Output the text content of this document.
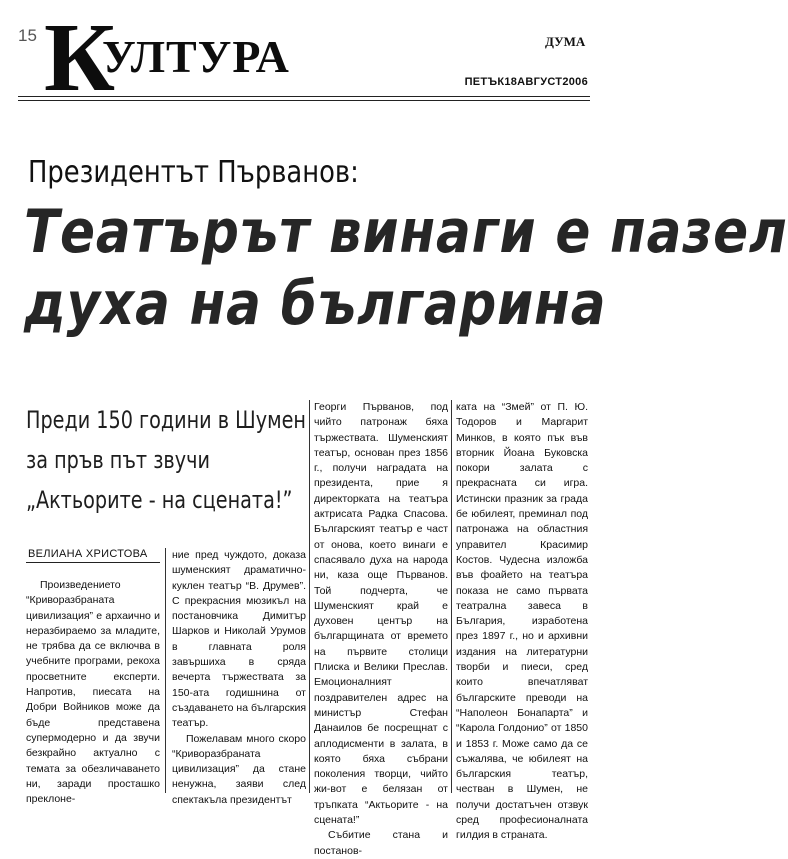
15 К
УЛТУРА	ДУМА
ПЕТЪК18АВГУСТ2006
Президентът Първанов:
Театърът винаги е пазел
духа на българина
Преди 150 години в Шумен
за пръв път звучи
„Актьорите - на сцената!”
ВЕЛИАНА ХРИСТОВА

Произведението “Криворазбраната цивилизация” е архаично и неразбираемо за младите, не трябва да се включва в учебните програми, рекоха просветните експерти. Напротив, пиесата на Добри Войников може да бъде представена супермодерно и да звучи безкрайно актуално с темата за обезличаването ни, заради просташко преклоне-

ние пред чуждото, доказа шуменският драматично-куклен театър “В. Друмев”. С прекрасния мюзикъл на постановчика Димитър Шарков и Николай Урумов в главната роля завършиха в сряда вечерта тържествата за 150-ата годишнина от създаването на българския театър.

Пожелавам много скоро “Криворазбраната цивилизация” да стане ненужна, заяви след спектакъла президентът

Георги Първанов, под чийто патронаж бяха тържествата. Шуменският театър, основан през 1856 г., получи наградата на президента, прие я директорката на театъра актрисата Радка Спасова. Българският театър е част от онова, което винаги е спасявало духа на народа ни, каза още Първанов. Той подчерта, че Шуменският край е духовен център на българщината от времето на първите столици Плиска и Велики Преслав. Емоционалният поздравителен адрес на министър Стефан Данаилов бе посрещнат с аплодисменти в залата, в която бяха събрани поколения творци, чийто жи-вот е белязан от тръпката “Актьорите - на сцената!”

Събитие стана и постанов-

ката на “Змей” от П. Ю. Тодоров и Маргарит Минков, в която пък във вторник Йоана Буковска покори залата с прекрасната си игра. Истински празник за града бе юбилеят, преминал под патронажа на областния управител Красимир Костов. Чудесна изложба във фоайето на театъра показа не само първата театрална завеса в България, изработена през 1897 г., но и архивни издания на литературни творби и пиеси, сред които впечатляват българските преводи на “Наполеон Бонапарта” и “Карола Голдонио” от 1850 и 1853 г. Може само да се съжалява, че юбилеят на българския театър, честван в Шумен, не получи достатъчен отзвук сред професионалната гилдия в страната.
